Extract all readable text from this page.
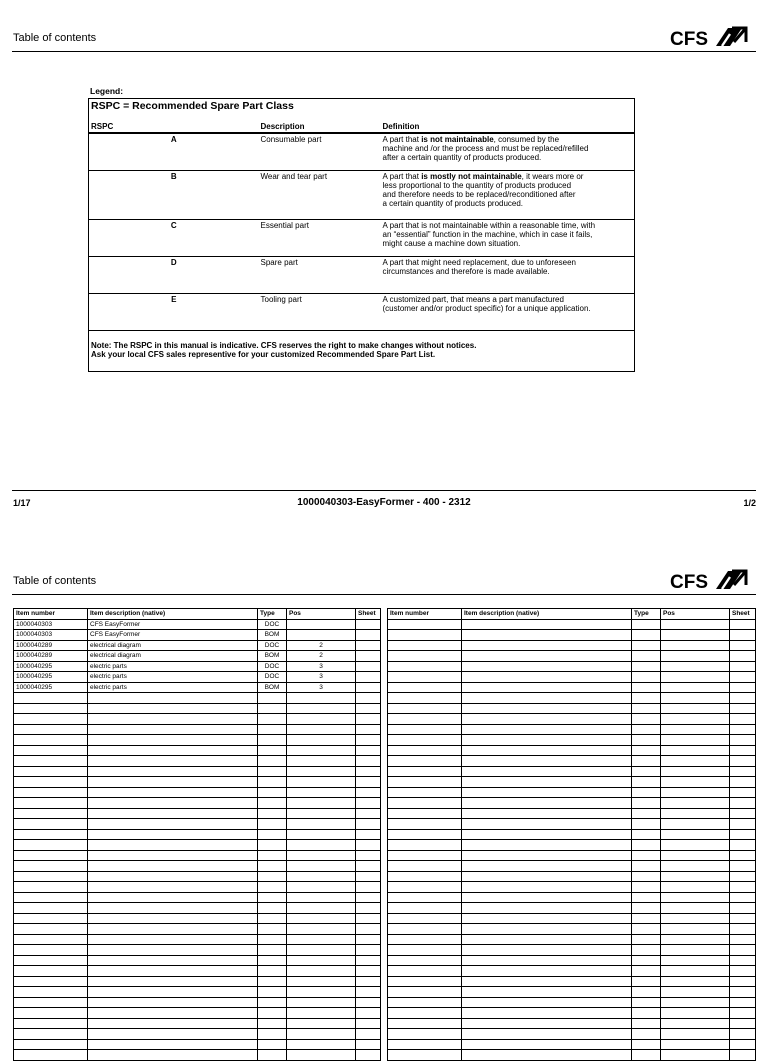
Table of contents	CFS
Legend:
RSPC = Recommended Spare Part Class		
RSPC	Description	Definition
A	Consumable part	A part that is not maintainable, consumed by the
machine and /or the process and must be replaced/refilled
after a certain quantity of products produced.

B	Wear and tear part	A part that is mostly not maintainable, it wears more or
less proportional to the quantity of products produced
and therefore needs to be replaced/reconditioned after
a certain quantity of products produced.

C	Essential part	A part that is not maintainable within a reasonable time, with
an “essential” function in the machine, which in case it fails,
might cause a machine down situation.

D	Spare part	A part that might need replacement, due to unforeseen
circumstances and therefore is made available.

E	Tooling part	A customized part, that means a part manufactured
(customer and/or product specific) for a unique application.

Note: The RSPC in this manual is indicative. CFS reserves the right to make changes without notices.
Ask your local CFS sales representive for your customized Recommended Spare Part List.		
1/17	1000040303-EasyFormer - 400 - 2312	1/2
Table of contents	CFS
Item number	Item description (native)	Type	Pos	Sheet
1000040303	CFS EasyFormer	DOC		
1000040303	CFS EasyFormer	BOM		
1000040289	electrical diagram	DOC	2	
1000040289	electrical diagram	BOM	2	
1000040295	electric parts	DOC	3	
1000040295	electric parts	DOC	3	
1000040295	electric parts	BOM	3	

Item number	Item description (native)	Type	Pos	Sheet
